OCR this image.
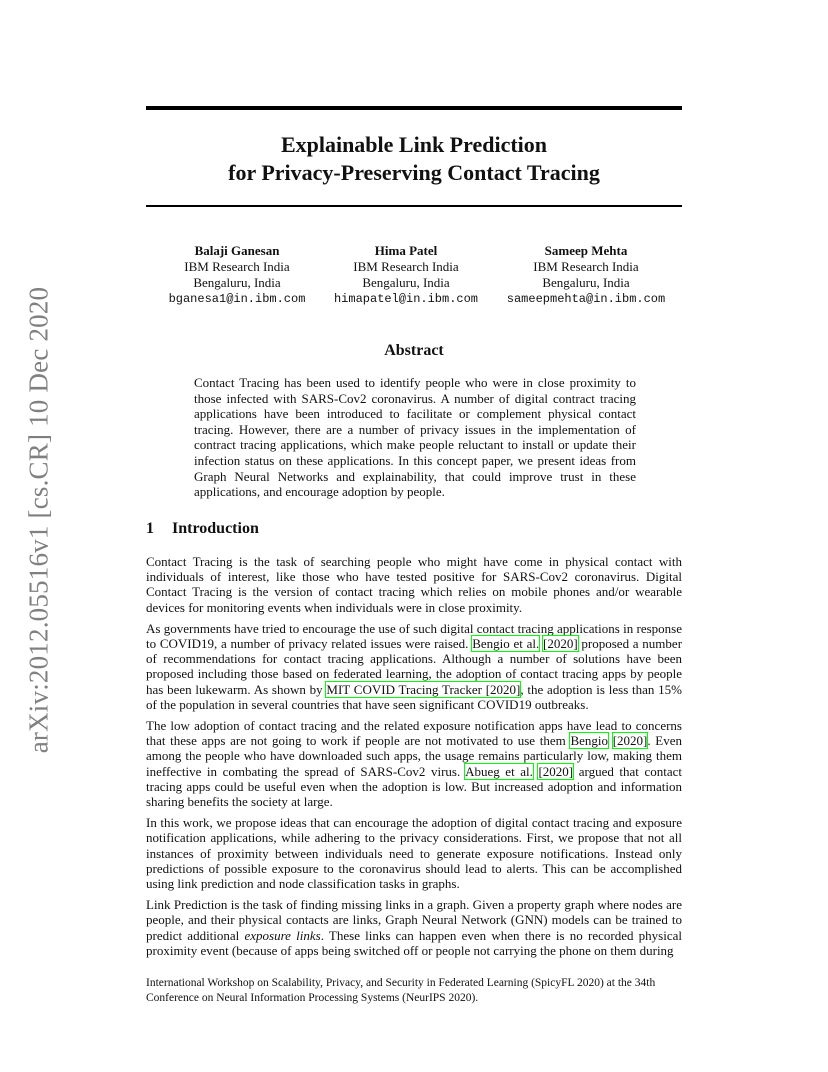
arXiv:2012.05516v1 [cs.CR] 10 Dec 2020
Explainable Link Prediction
for Privacy-Preserving Contact Tracing
Balaji Ganesan
IBM Research India
Bengaluru, India
bganesa1@in.ibm.com
Hima Patel
IBM Research India
Bengaluru, India
himapatel@in.ibm.com
Sameep Mehta
IBM Research India
Bengaluru, India
sameepmehta@in.ibm.com
Abstract
Contact Tracing has been used to identify people who were in close proximity to those infected with SARS-Cov2 coronavirus. A number of digital contract tracing applications have been introduced to facilitate or complement physical contact tracing. However, there are a number of privacy issues in the implementation of contract tracing applications, which make people reluctant to install or update their infection status on these applications. In this concept paper, we present ideas from Graph Neural Networks and explainability, that could improve trust in these applications, and encourage adoption by people.
1 Introduction

Contact Tracing is the task of searching people who might have come in physical contact with individuals of interest, like those who have tested positive for SARS-Cov2 coronavirus. Digital Contact Tracing is the version of contact tracing which relies on mobile phones and/or wearable devices for monitoring events when individuals were in close proximity.

As governments have tried to encourage the use of such digital contact tracing applications in response to COVID19, a number of privacy related issues were raised. Bengio et al. [2020] proposed a number of recommendations for contact tracing applications. Although a number of solutions have been proposed including those based on federated learning, the adoption of contact tracing apps by people has been lukewarm. As shown by MIT COVID Tracing Tracker [2020], the adoption is less than 15% of the population in several countries that have seen significant COVID19 outbreaks.

The low adoption of contact tracing and the related exposure notification apps have lead to concerns that these apps are not going to work if people are not motivated to use them Bengio [2020]. Even among the people who have downloaded such apps, the usage remains particularly low, making them ineffective in combating the spread of SARS-Cov2 virus. Abueg et al. [2020] argued that contact tracing apps could be useful even when the adoption is low. But increased adoption and information sharing benefits the society at large.

In this work, we propose ideas that can encourage the adoption of digital contact tracing and exposure notification applications, while adhering to the privacy considerations. First, we propose that not all instances of proximity between individuals need to generate exposure notifications. Instead only predictions of possible exposure to the coronavirus should lead to alerts. This can be accomplished using link prediction and node classification tasks in graphs.

Link Prediction is the task of finding missing links in a graph. Given a property graph where nodes are people, and their physical contacts are links, Graph Neural Network (GNN) models can be trained to predict additional exposure links. These links can happen even when there is no recorded physical proximity event (because of apps being switched off or people not carrying the phone on them during

International Workshop on Scalability, Privacy, and Security in Federated Learning (SpicyFL 2020) at the 34th Conference on Neural Information Processing Systems (NeurIPS 2020).
